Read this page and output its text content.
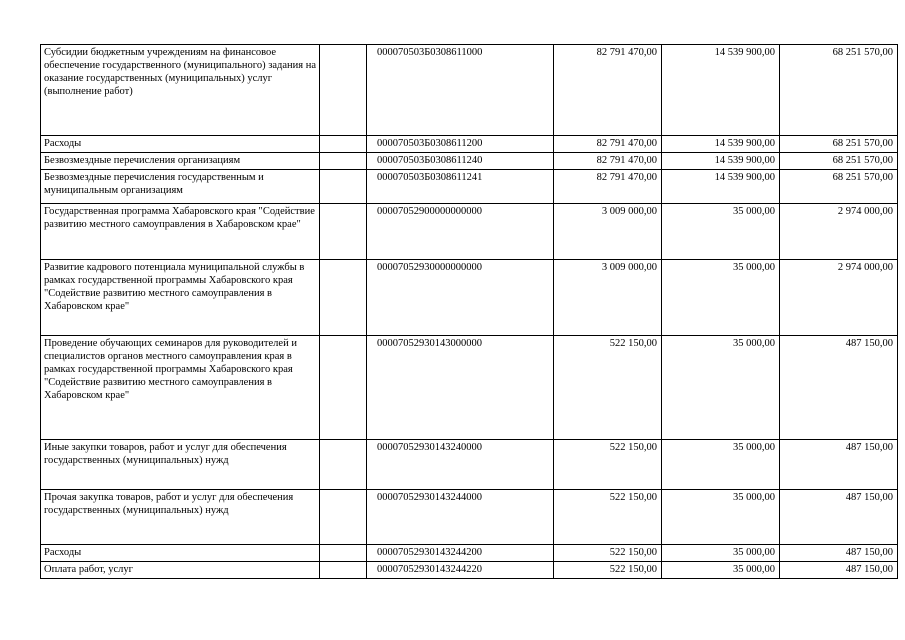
Субсидии бюджетным учреждениям на финансовое обеспечение государственного (муниципального) задания на оказание государственных (муниципальных) услуг (выполнение работ)		000070503Б0308611000	82 791 470,00	14 539 900,00	68 251 570,00
Расходы		000070503Б0308611200	82 791 470,00	14 539 900,00	68 251 570,00
Безвозмездные перечисления организациям		000070503Б0308611240	82 791 470,00	14 539 900,00	68 251 570,00
Безвозмездные перечисления государственным и муниципальным организациям		000070503Б0308611241	82 791 470,00	14 539 900,00	68 251 570,00
Государственная программа Хабаровского края "Содействие развитию местного самоуправления в Хабаровском крае"		00007052900000000000	3 009 000,00	35 000,00	2 974 000,00
Развитие кадрового потенциала муниципальной службы в рамках государственной программы Хабаровского края "Содействие развитию местного самоуправления в Хабаровском крае"		00007052930000000000	3 009 000,00	35 000,00	2 974 000,00
Проведение обучающих семинаров для руководителей и специалистов органов местного самоуправления края в рамках государственной программы Хабаровского края "Содействие развитию местного самоуправления в Хабаровском крае"		00007052930143000000	522 150,00	35 000,00	487 150,00
Иные закупки товаров, работ и услуг для обеспечения государственных (муниципальных) нужд		00007052930143240000	522 150,00	35 000,00	487 150,00
Прочая закупка товаров, работ и услуг для обеспечения государственных (муниципальных) нужд		00007052930143244000	522 150,00	35 000,00	487 150,00
Расходы		00007052930143244200	522 150,00	35 000,00	487 150,00
Оплата работ, услуг		00007052930143244220	522 150,00	35 000,00	487 150,00
